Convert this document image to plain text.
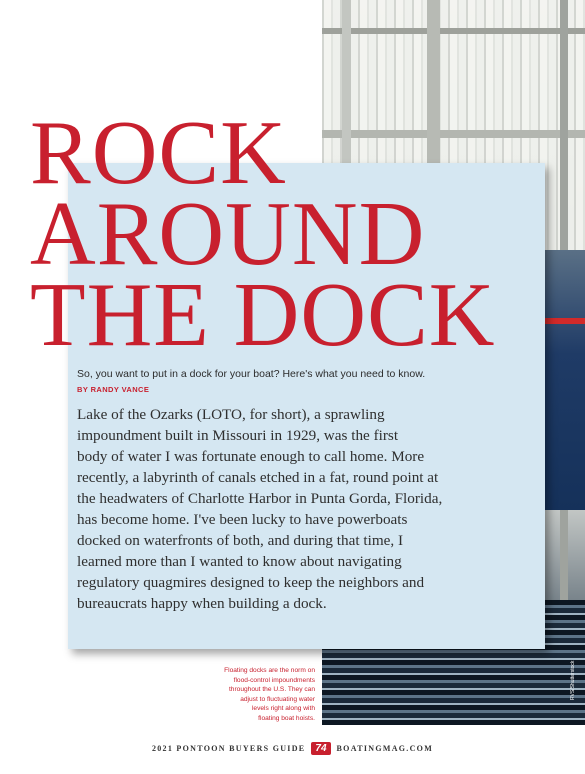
RVS/Shutterstock
ROCK
AROUND
THE DOCK
So, you want to put in a dock for your boat? Here's what you need to know.
BY RANDY VANCE

Lake of the Ozarks (LOTO, for short), a sprawling
impoundment built in Missouri in 1929, was the first
body of water I was fortunate enough to call home. More
recently, a labyrinth of canals etched in a fat, round point at
the headwaters of Charlotte Harbor in Punta Gorda, Florida,
has become home. I've been lucky to have powerboats
docked on waterfronts of both, and during that time, I
learned more than I wanted to know about navigating
regulatory quagmires designed to keep the neighbors and
bureaucrats happy when building a dock.

Floating docks are the norm on
flood-control impoundments
throughout the U.S. They can
adjust to fluctuating water
levels right along with
floating boat hoists.

2021 PONTOON BUYERS GUIDE	74	BOATINGMAG.COM
